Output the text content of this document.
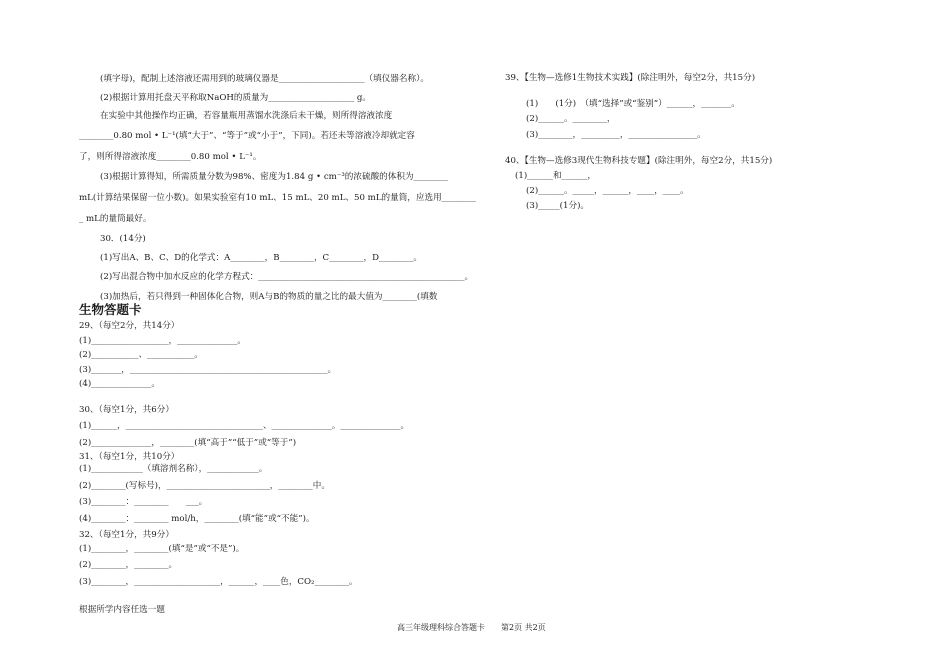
(填字母)，配制上述溶液还需用到的玻璃仪器是____________________（填仪器名称）。
(2)根据计算用托盘天平称取NaOH的质量为____________________ g。
在实验中其他操作均正确，若容量瓶用蒸馏水洗涤后未干燥，则所得溶液浓度
________0.80 mol • L⁻¹(填“大于”、“等于”或“小于”，下同)。若还未等溶液冷却就定容
了，则所得溶液浓度________0.80 mol • L⁻¹。
(3)根据计算得知，所需质量分数为98%、密度为1.84 g • cm⁻³的浓硫酸的体积为________
mL(计算结果保留一位小数)。如果实验室有10 mL、15 mL、20 mL、50 mL的量筒，应选用________
_ mL的量筒最好。
30．(14分)
(1)写出A、B、C、D的化学式：A________，B________，C________，D________。
(2)写出混合物中加水反应的化学方程式：________________________________________________。
(3)加热后，若只得到一种固体化合物，则A与B的物质的量之比的最大值为________(填数
生物答题卡
29、（每空2分，共14分）
(1)__________________，______________。
(2)___________、___________。
(3)_______，______________________________________________。
(4)______________。
30、（每空1分，共6分）
(1)______，________________________________、______________。______________。
(2)______________，________(填“高于”“低于”或“等于”)
31、（每空1分，共10分）
(1)____________（填溶剂名称），____________。
(2)________(写标号)，________________________，________中。
(3)________：________　　___。
(4)________：________ mol/h，________(填“能”或“不能”)。
32、（每空1分，共9分）
(1)________，________(填“是”或“不是”)。
(2)________，________。
(3)________，____________________，______，____色，CO₂________。
根据所学内容任选一题
39、【生物—选修1生物技术实践】(除注明外，每空2分，共15分)
(1)　　(1分)　（填“选择”或“鉴别”）______，_______。
(2)______。________，
(3)________，_________，________________。
40、【生物—选修3现代生物科技专题】(除注明外，每空2分，共15分)
(1)______和______，
(2)______。_____，______，____，____。
(3)_____(1分)。
高三年级理科综合答题卡　　第2页 共2页
